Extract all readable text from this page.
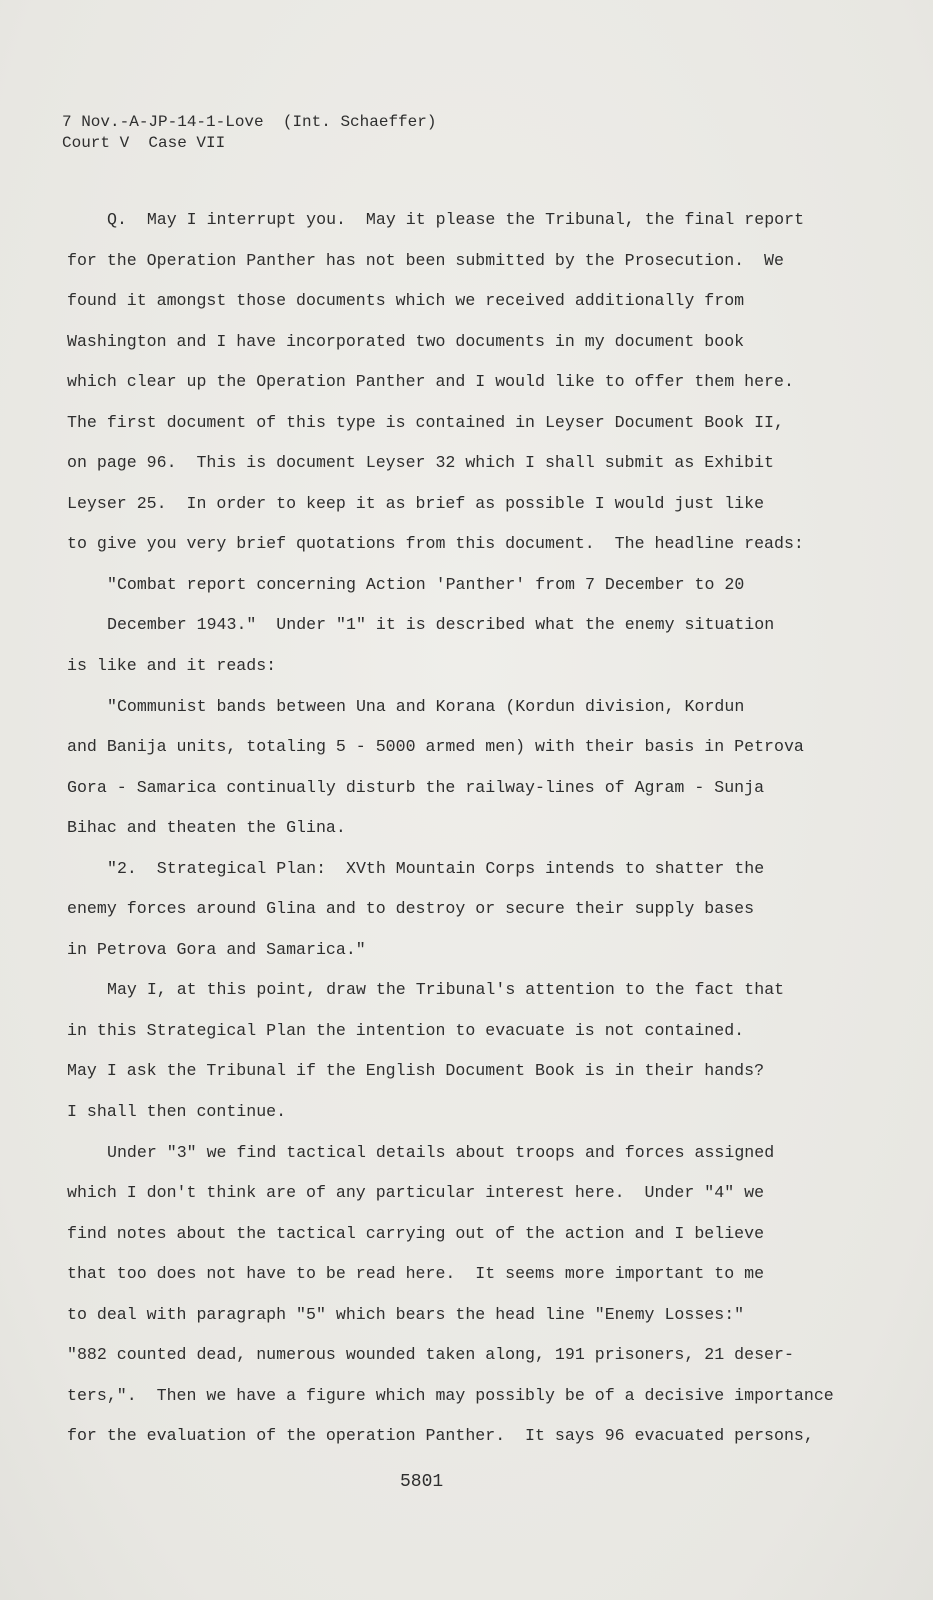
7 Nov.-A-JP-14-1-Love  (Int. Schaeffer)
Court V  Case VII
Q.  May I interrupt you.  May it please the Tribunal, the final report
for the Operation Panther has not been submitted by the Prosecution.  We
found it amongst those documents which we received additionally from
Washington and I have incorporated two documents in my document book
which clear up the Operation Panther and I would like to offer them here.
The first document of this type is contained in Leyser Document Book II,
on page 96.  This is document Leyser 32 which I shall submit as Exhibit
Leyser 25.  In order to keep it as brief as possible I would just like
to give you very brief quotations from this document.  The headline reads:
"Combat report concerning Action 'Panther' from 7 December to 20
December 1943."  Under "1" it is described what the enemy situation
is like and it reads:
"Communist bands between Una and Korana (Kordun division, Kordun
and Banija units, totaling 5 - 5000 armed men) with their basis in Petrova
Gora - Samarica continually disturb the railway-lines of Agram - Sunja
Bihac and theaten the Glina.
"2.  Strategical Plan:  XVth Mountain Corps intends to shatter the
enemy forces around Glina and to destroy or secure their supply bases
in Petrova Gora and Samarica."
May I, at this point, draw the Tribunal's attention to the fact that
in this Strategical Plan the intention to evacuate is not contained.
May I ask the Tribunal if the English Document Book is in their hands?
I shall then continue.
Under "3" we find tactical details about troops and forces assigned
which I don't think are of any particular interest here.  Under "4" we
find notes about the tactical carrying out of the action and I believe
that too does not have to be read here.  It seems more important to me
to deal with paragraph "5" which bears the head line "Enemy Losses:"
"882 counted dead, numerous wounded taken along, 191 prisoners, 21 deser-
ters,".  Then we have a figure which may possibly be of a decisive importance
for the evaluation of the operation Panther.  It says 96 evacuated persons,
5801
